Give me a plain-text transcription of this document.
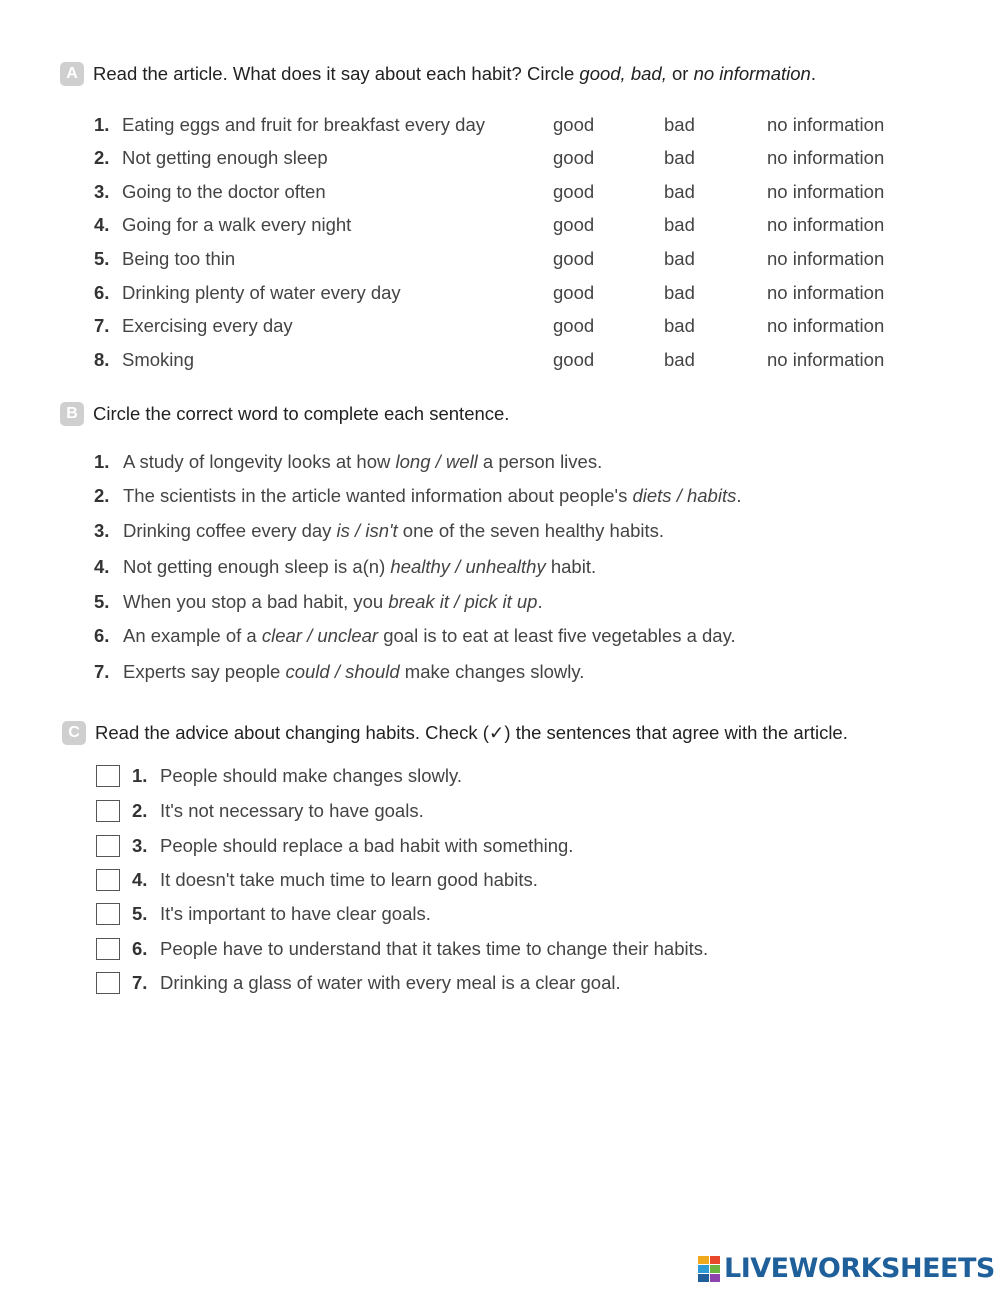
A Read the article. What does it say about each habit? Circle good, bad, or no information.
1. Eating eggs and fruit for breakfast every day	good	bad	no information
2. Not getting enough sleep	good	bad	no information
3. Going to the doctor often	good	bad	no information
4. Going for a walk every night	good	bad	no information
5. Being too thin	good	bad	no information
6. Drinking plenty of water every day	good	bad	no information
7. Exercising every day	good	bad	no information
8. Smoking	good	bad	no information
B Circle the correct word to complete each sentence.
1. A study of longevity looks at how long / well a person lives.
2. The scientists in the article wanted information about people's diets / habits.
3. Drinking coffee every day is / isn't one of the seven healthy habits.
4. Not getting enough sleep is a(n) healthy / unhealthy habit.
5. When you stop a bad habit, you break it / pick it up.
6. An example of a clear / unclear goal is to eat at least five vegetables a day.
7. Experts say people could / should make changes slowly.
C Read the advice about changing habits. Check (✓) the sentences that agree with the article.
1. People should make changes slowly.
2. It's not necessary to have goals.
3. People should replace a bad habit with something.
4. It doesn't take much time to learn good habits.
5. It's important to have clear goals.
6. People have to understand that it takes time to change their habits.
7. Drinking a glass of water with every meal is a clear goal.
LIVEWORKSHEETS
